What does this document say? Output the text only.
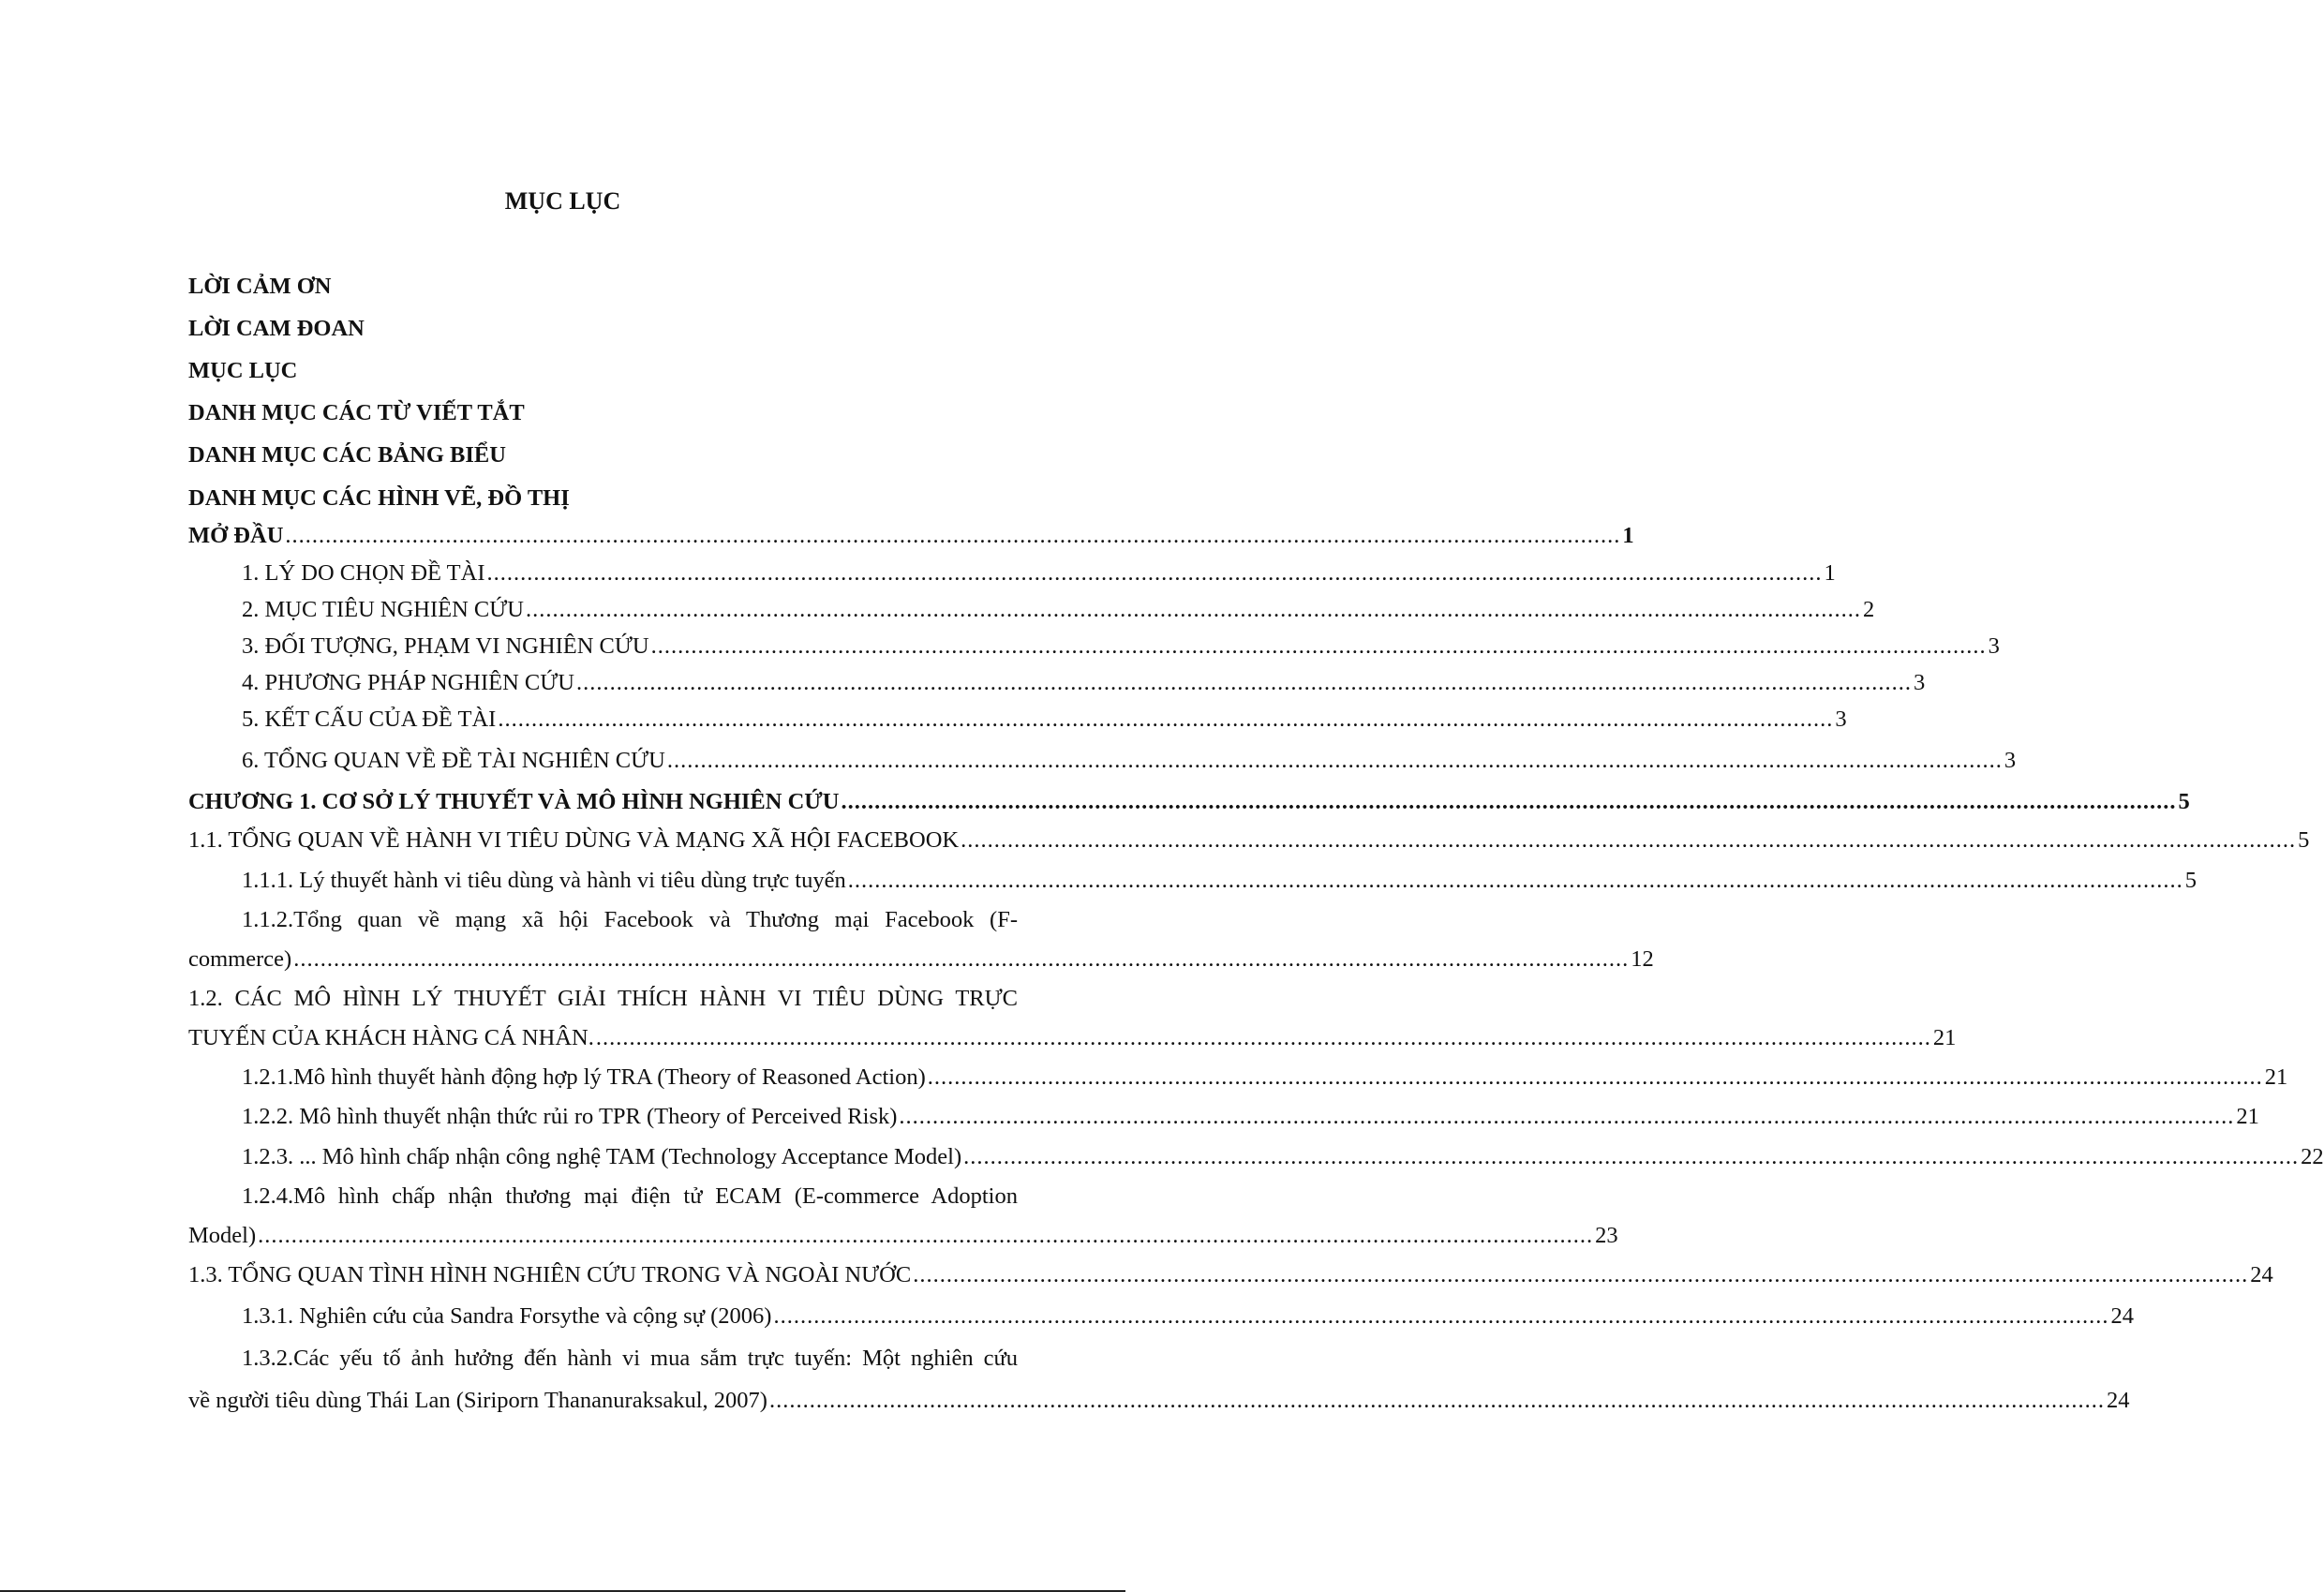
MỤC LỤC
LỜI CẢM ƠN
LỜI CAM ĐOAN
MỤC LỤC
DANH MỤC CÁC TỪ VIẾT TẮT
DANH MỤC CÁC BẢNG BIỂU
DANH MỤC CÁC HÌNH VẼ, ĐỒ THỊ
MỞ ĐẦU ........................................................................................................................................................................................................ 1
1. LÝ DO CHỌN ĐỀ TÀI ........................................................................................................................................................................................................ 1
2. MỤC TIÊU NGHIÊN CỨU ........................................................................................................................................................................................................ 2
3. ĐỐI TƯỢNG, PHẠM VI NGHIÊN CỨU ........................................................................................................................................................................................................ 3
4. PHƯƠNG PHÁP NGHIÊN CỨU ........................................................................................................................................................................................................ 3
5. KẾT CẤU CỦA ĐỀ TÀI ........................................................................................................................................................................................................ 3
6. TỔNG QUAN VỀ ĐỀ TÀI NGHIÊN CỨU ........................................................................................................................................................................................................ 3
CHƯƠNG 1. CƠ SỞ LÝ THUYẾT VÀ MÔ HÌNH NGHIÊN CỨU ........................................................................................................................................................................................................ 5
1.1. TỔNG QUAN VỀ HÀNH VI TIÊU DÙNG VÀ MẠNG XÃ HỘI FACEBOOK ........................................................................................................................................................................................................ 5
1.1.1. Lý thuyết hành vi tiêu dùng và hành vi tiêu dùng trực tuyến ........................................................................................................................................................................................................ 5
1.1.2.Tổng quan về mạng xã hội Facebook và Thương mại Facebook (F-
commerce) ........................................................................................................................................................................................................ 12
1.2. CÁC MÔ HÌNH LÝ THUYẾT GIẢI THÍCH HÀNH VI TIÊU DÙNG TRỰC
TUYẾN CỦA KHÁCH HÀNG CÁ NHÂN. ........................................................................................................................................................................................................ 21
1.2.1.Mô hình thuyết hành động hợp lý TRA (Theory of Reasoned Action) ........................................................................................................................................................................................................ 21
1.2.2. Mô hình thuyết nhận thức rủi ro TPR (Theory of Perceived Risk) ........................................................................................................................................................................................................ 21
1.2.3. ... Mô hình chấp nhận công nghệ TAM (Technology Acceptance Model) ........................................................................................................................................................................................................ 22
1.2.4.Mô hình chấp nhận thương mại điện tử ECAM (E-commerce Adoption
Model) ........................................................................................................................................................................................................ 23
1.3. TỔNG QUAN TÌNH HÌNH NGHIÊN CỨU TRONG VÀ NGOÀI NƯỚC ........................................................................................................................................................................................................ 24
1.3.1. Nghiên cứu của Sandra Forsythe và cộng sự (2006) ........................................................................................................................................................................................................ 24
1.3.2.Các yếu tố ảnh hưởng đến hành vi mua sắm trực tuyến: Một nghiên cứu
về người tiêu dùng Thái Lan (Siriporn Thananuraksakul, 2007) ........................................................................................................................................................................................................ 24
